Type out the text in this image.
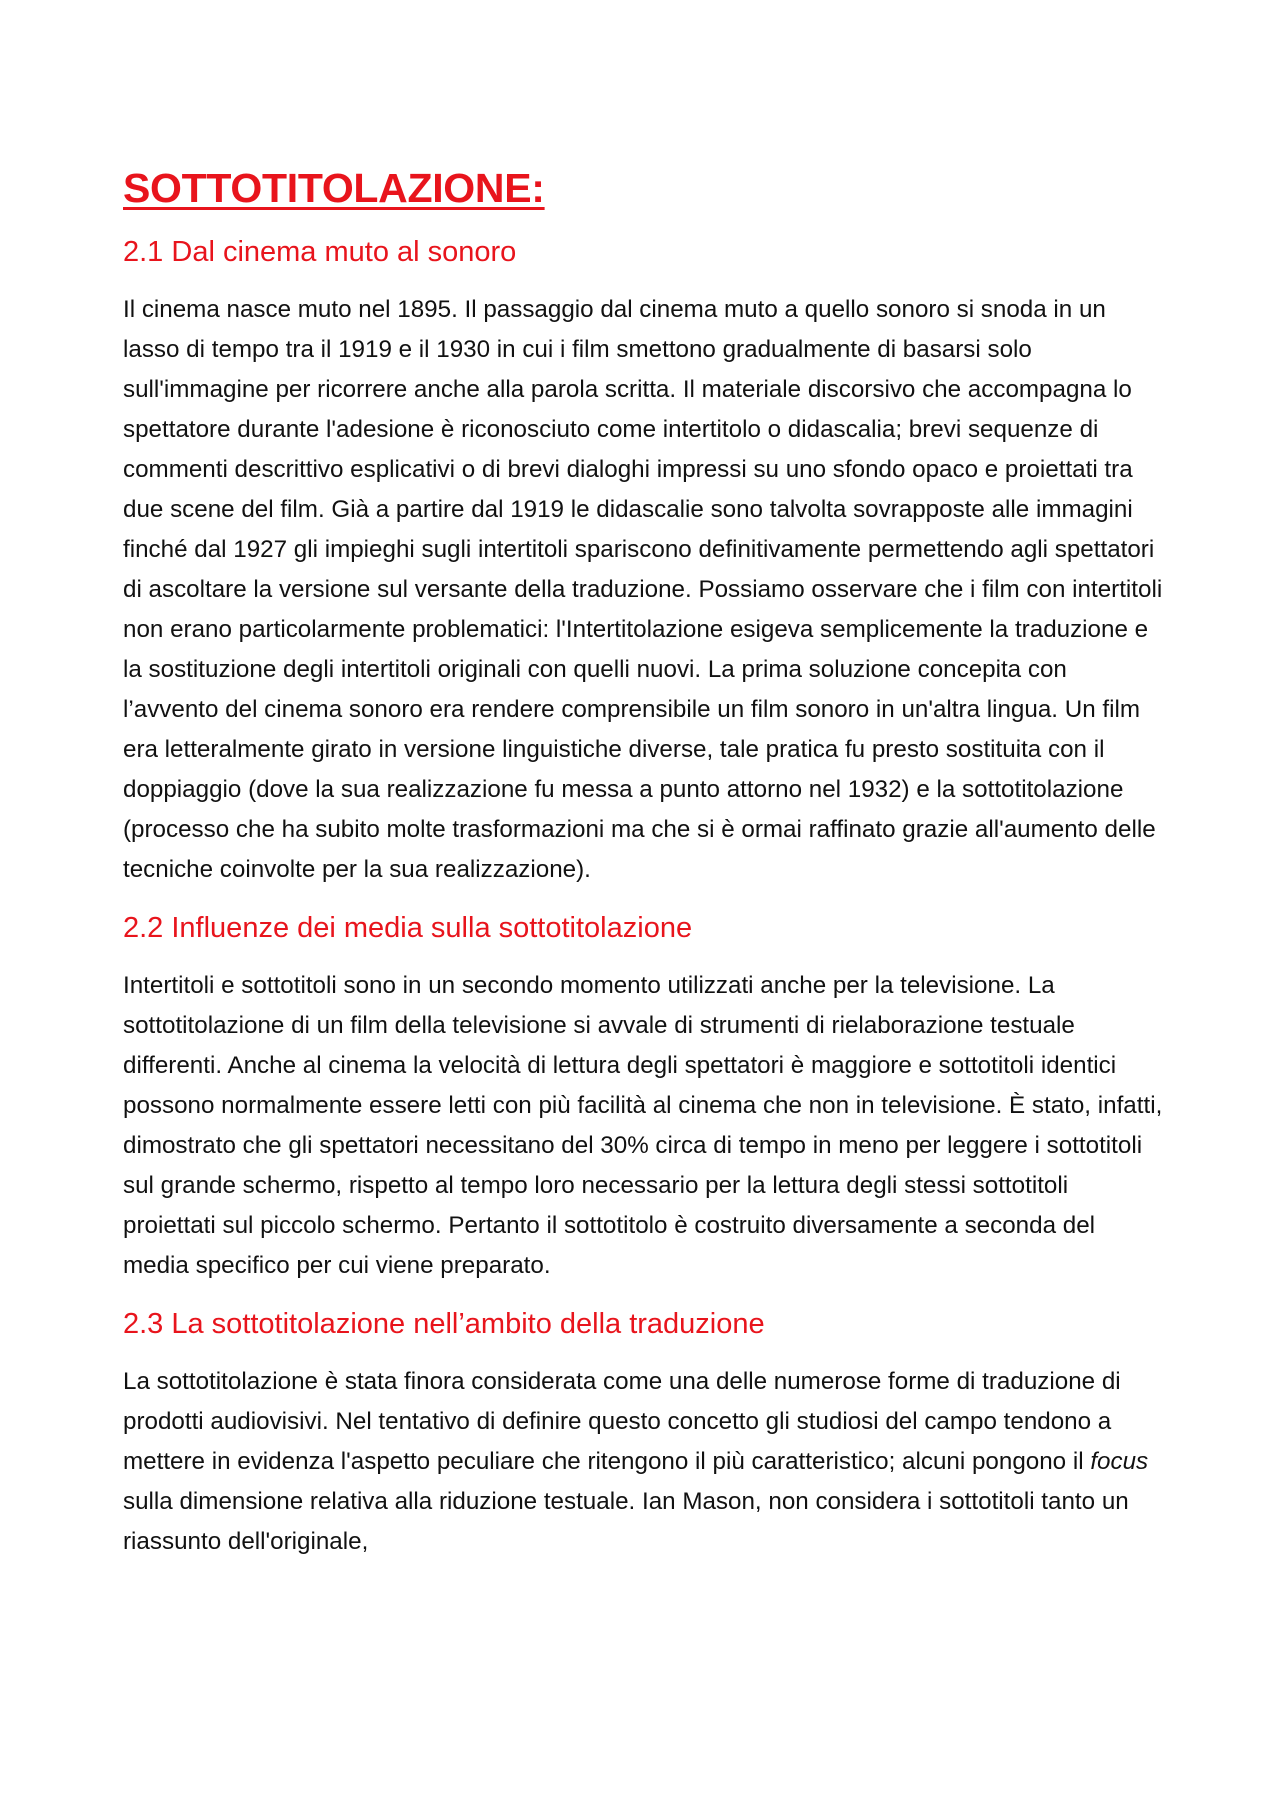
SOTTOTITOLAZIONE:
2.1 Dal cinema muto al sonoro

Il cinema nasce muto nel 1895. Il passaggio dal cinema muto a quello sonoro si snoda in un lasso di tempo tra il 1919 e il 1930 in cui i film smettono gradualmente di basarsi solo sull'immagine per ricorrere anche alla parola scritta. Il materiale discorsivo che accompagna lo spettatore durante l'adesione è riconosciuto come intertitolo o didascalia; brevi sequenze di commenti descrittivo esplicativi o di brevi dialoghi impressi su uno sfondo opaco e proiettati tra due scene del film. Già a partire dal 1919 le didascalie sono talvolta sovrapposte alle immagini finché dal 1927 gli impieghi sugli intertitoli spariscono definitivamente permettendo agli spettatori di ascoltare la versione sul versante della traduzione. Possiamo osservare che i film con intertitoli non erano particolarmente problematici: l'Intertitolazione esigeva semplicemente la traduzione e la sostituzione degli intertitoli originali con quelli nuovi. La prima soluzione concepita con l’avvento del cinema sonoro era rendere comprensibile un film sonoro in un'altra lingua. Un film era letteralmente girato in versione linguistiche diverse, tale pratica fu presto sostituita con il doppiaggio (dove la sua realizzazione fu messa a punto attorno nel 1932) e la sottotitolazione (processo che ha subito molte trasformazioni ma che si è ormai raffinato grazie all'aumento delle tecniche coinvolte per la sua realizzazione).

2.2 Influenze dei media sulla sottotitolazione

Intertitoli e sottotitoli sono in un secondo momento utilizzati anche per la televisione. La sottotitolazione di un film della televisione si avvale di strumenti di rielaborazione testuale differenti. Anche al cinema la velocità di lettura degli spettatori è maggiore e sottotitoli identici possono normalmente essere letti con più facilità al cinema che non in televisione. È stato, infatti, dimostrato che gli spettatori necessitano del 30% circa di tempo in meno per leggere i sottotitoli sul grande schermo, rispetto al tempo loro necessario per la lettura degli stessi sottotitoli proiettati sul piccolo schermo. Pertanto il sottotitolo è costruito diversamente a seconda del media specifico per cui viene preparato.

2.3 La sottotitolazione nell’ambito della traduzione

La sottotitolazione è stata finora considerata come una delle numerose forme di traduzione di prodotti audiovisivi. Nel tentativo di definire questo concetto gli studiosi del campo tendono a mettere in evidenza l'aspetto peculiare che ritengono il più caratteristico; alcuni pongono il focus sulla dimensione relativa alla riduzione testuale. Ian Mason, non considera i sottotitoli tanto un riassunto dell'originale,
